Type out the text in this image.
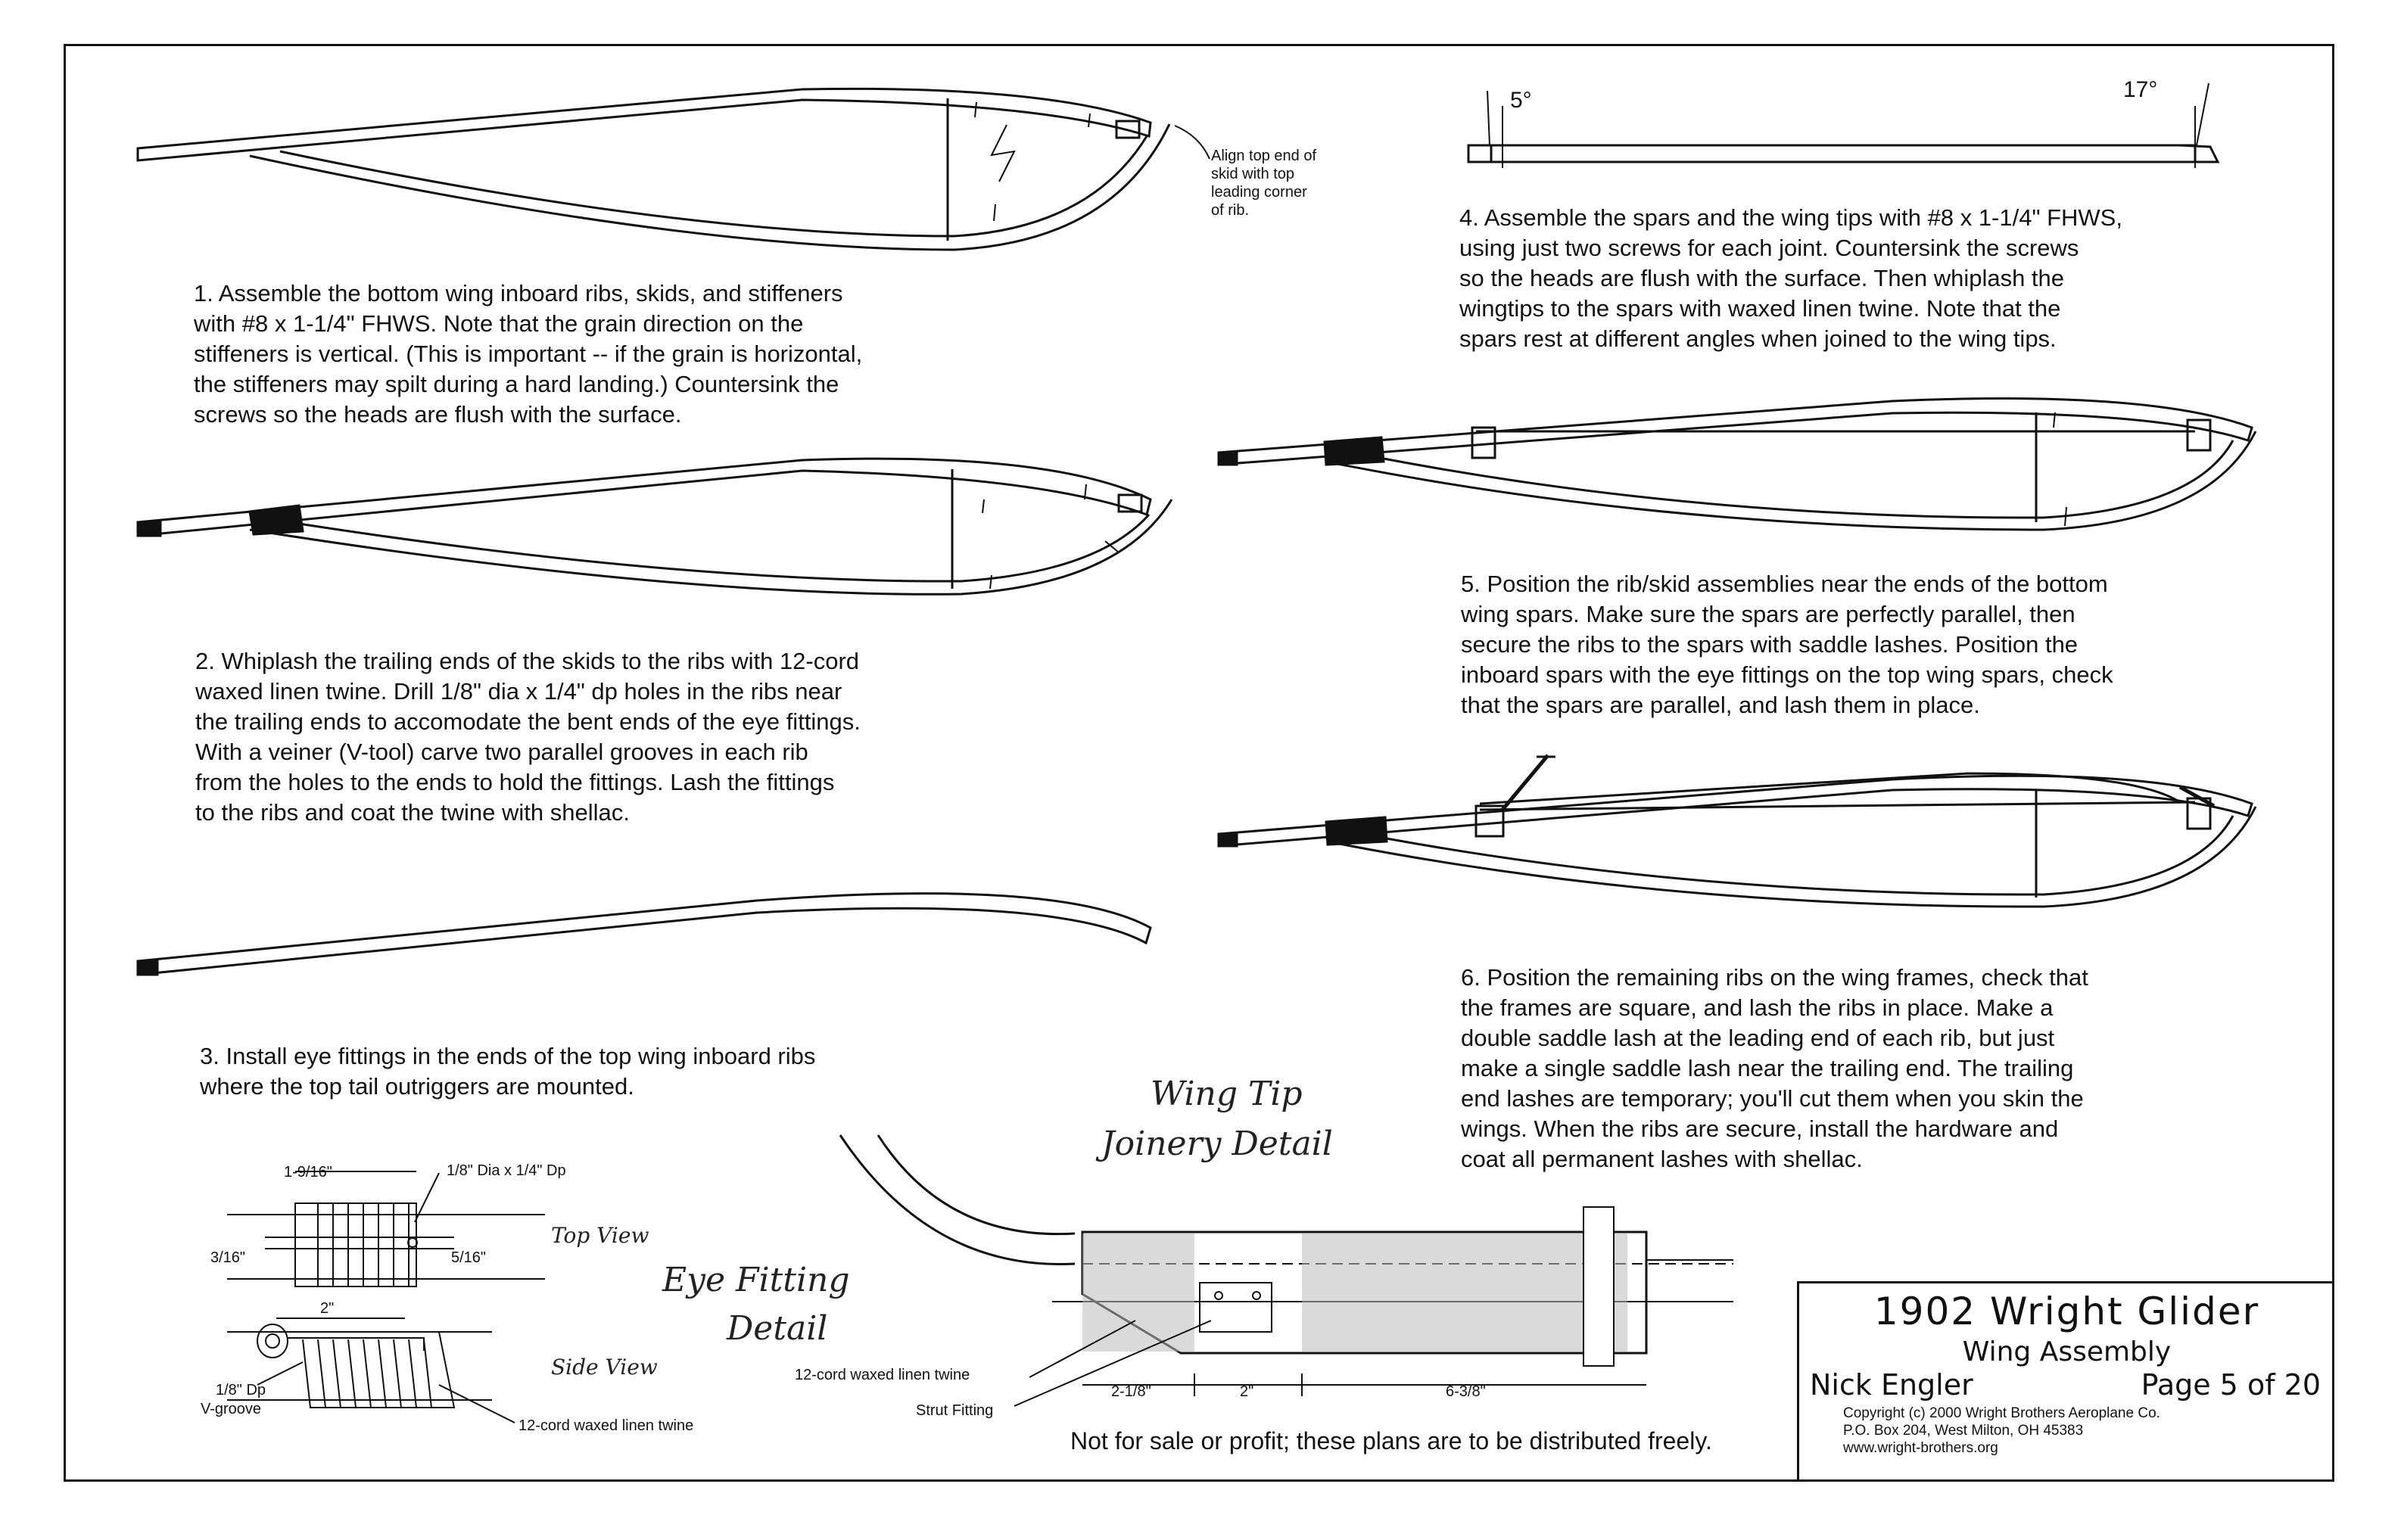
5°	17°
1-9/16"	1/8" Dia x 1/4" Dp
3/16"	5/16"
2"
1/8" Dp
V-groove
12-cord waxed linen twine
12-cord waxed linen twine
Strut Fitting
2-1/8"	2"	6-3/8"

1. Assemble the bottom wing inboard ribs, skids, and stiffeners
with #8 x 1-1/4" FHWS. Note that the grain direction on the
stiffeners is vertical. (This is important -- if the grain is horizontal,
the stiffeners may spilt during a hard landing.) Countersink the
screws so the heads are flush with the surface.

2. Whiplash the trailing ends of the skids to the ribs with 12-cord
waxed linen twine. Drill 1/8" dia x 1/4" dp holes in the ribs near
the trailing ends to accomodate the bent ends of the eye fittings.
With a veiner (V-tool) carve two parallel grooves in each rib
from the holes to the ends to hold the fittings. Lash the fittings
to the ribs and coat the twine with shellac.

3. Install eye fittings in the ends of the top wing inboard ribs
where the top tail outriggers are mounted.

4. Assemble the spars and the wing tips with #8 x 1-1/4" FHWS,
using just two screws for each joint. Countersink the screws
so the heads are flush with the surface. Then whiplash the
wingtips to the spars with waxed linen twine. Note that the
spars rest at different angles when joined to the wing tips.

5. Position the rib/skid assemblies near the ends of the bottom
wing spars. Make sure the spars are perfectly parallel, then
secure the ribs to the spars with saddle lashes. Position the
inboard spars with the eye fittings on the top wing spars, check
that the spars are parallel, and lash them in place.

6. Position the remaining ribs on the wing frames, check that
the frames are square, and lash the ribs in place. Make a
double saddle lash at the leading end of each rib, but just
make a single saddle lash near the trailing end. The trailing
end lashes are temporary; you'll cut them when you skin the
wings. When the ribs are secure, install the hardware and
coat all permanent lashes with shellac.

Align top end of
skid with top
leading corner
of rib.
Wing Tip
Joinery Detail
Eye Fitting
Detail
Top View
Side View
Not for sale or profit; these plans are to be distributed freely.
1902 Wright Glider
Wing Assembly
Nick Engler	Page 5 of 20
Copyright (c) 2000 Wright Brothers Aeroplane Co.
P.O. Box 204, West Milton, OH 45383
www.wright-brothers.org
